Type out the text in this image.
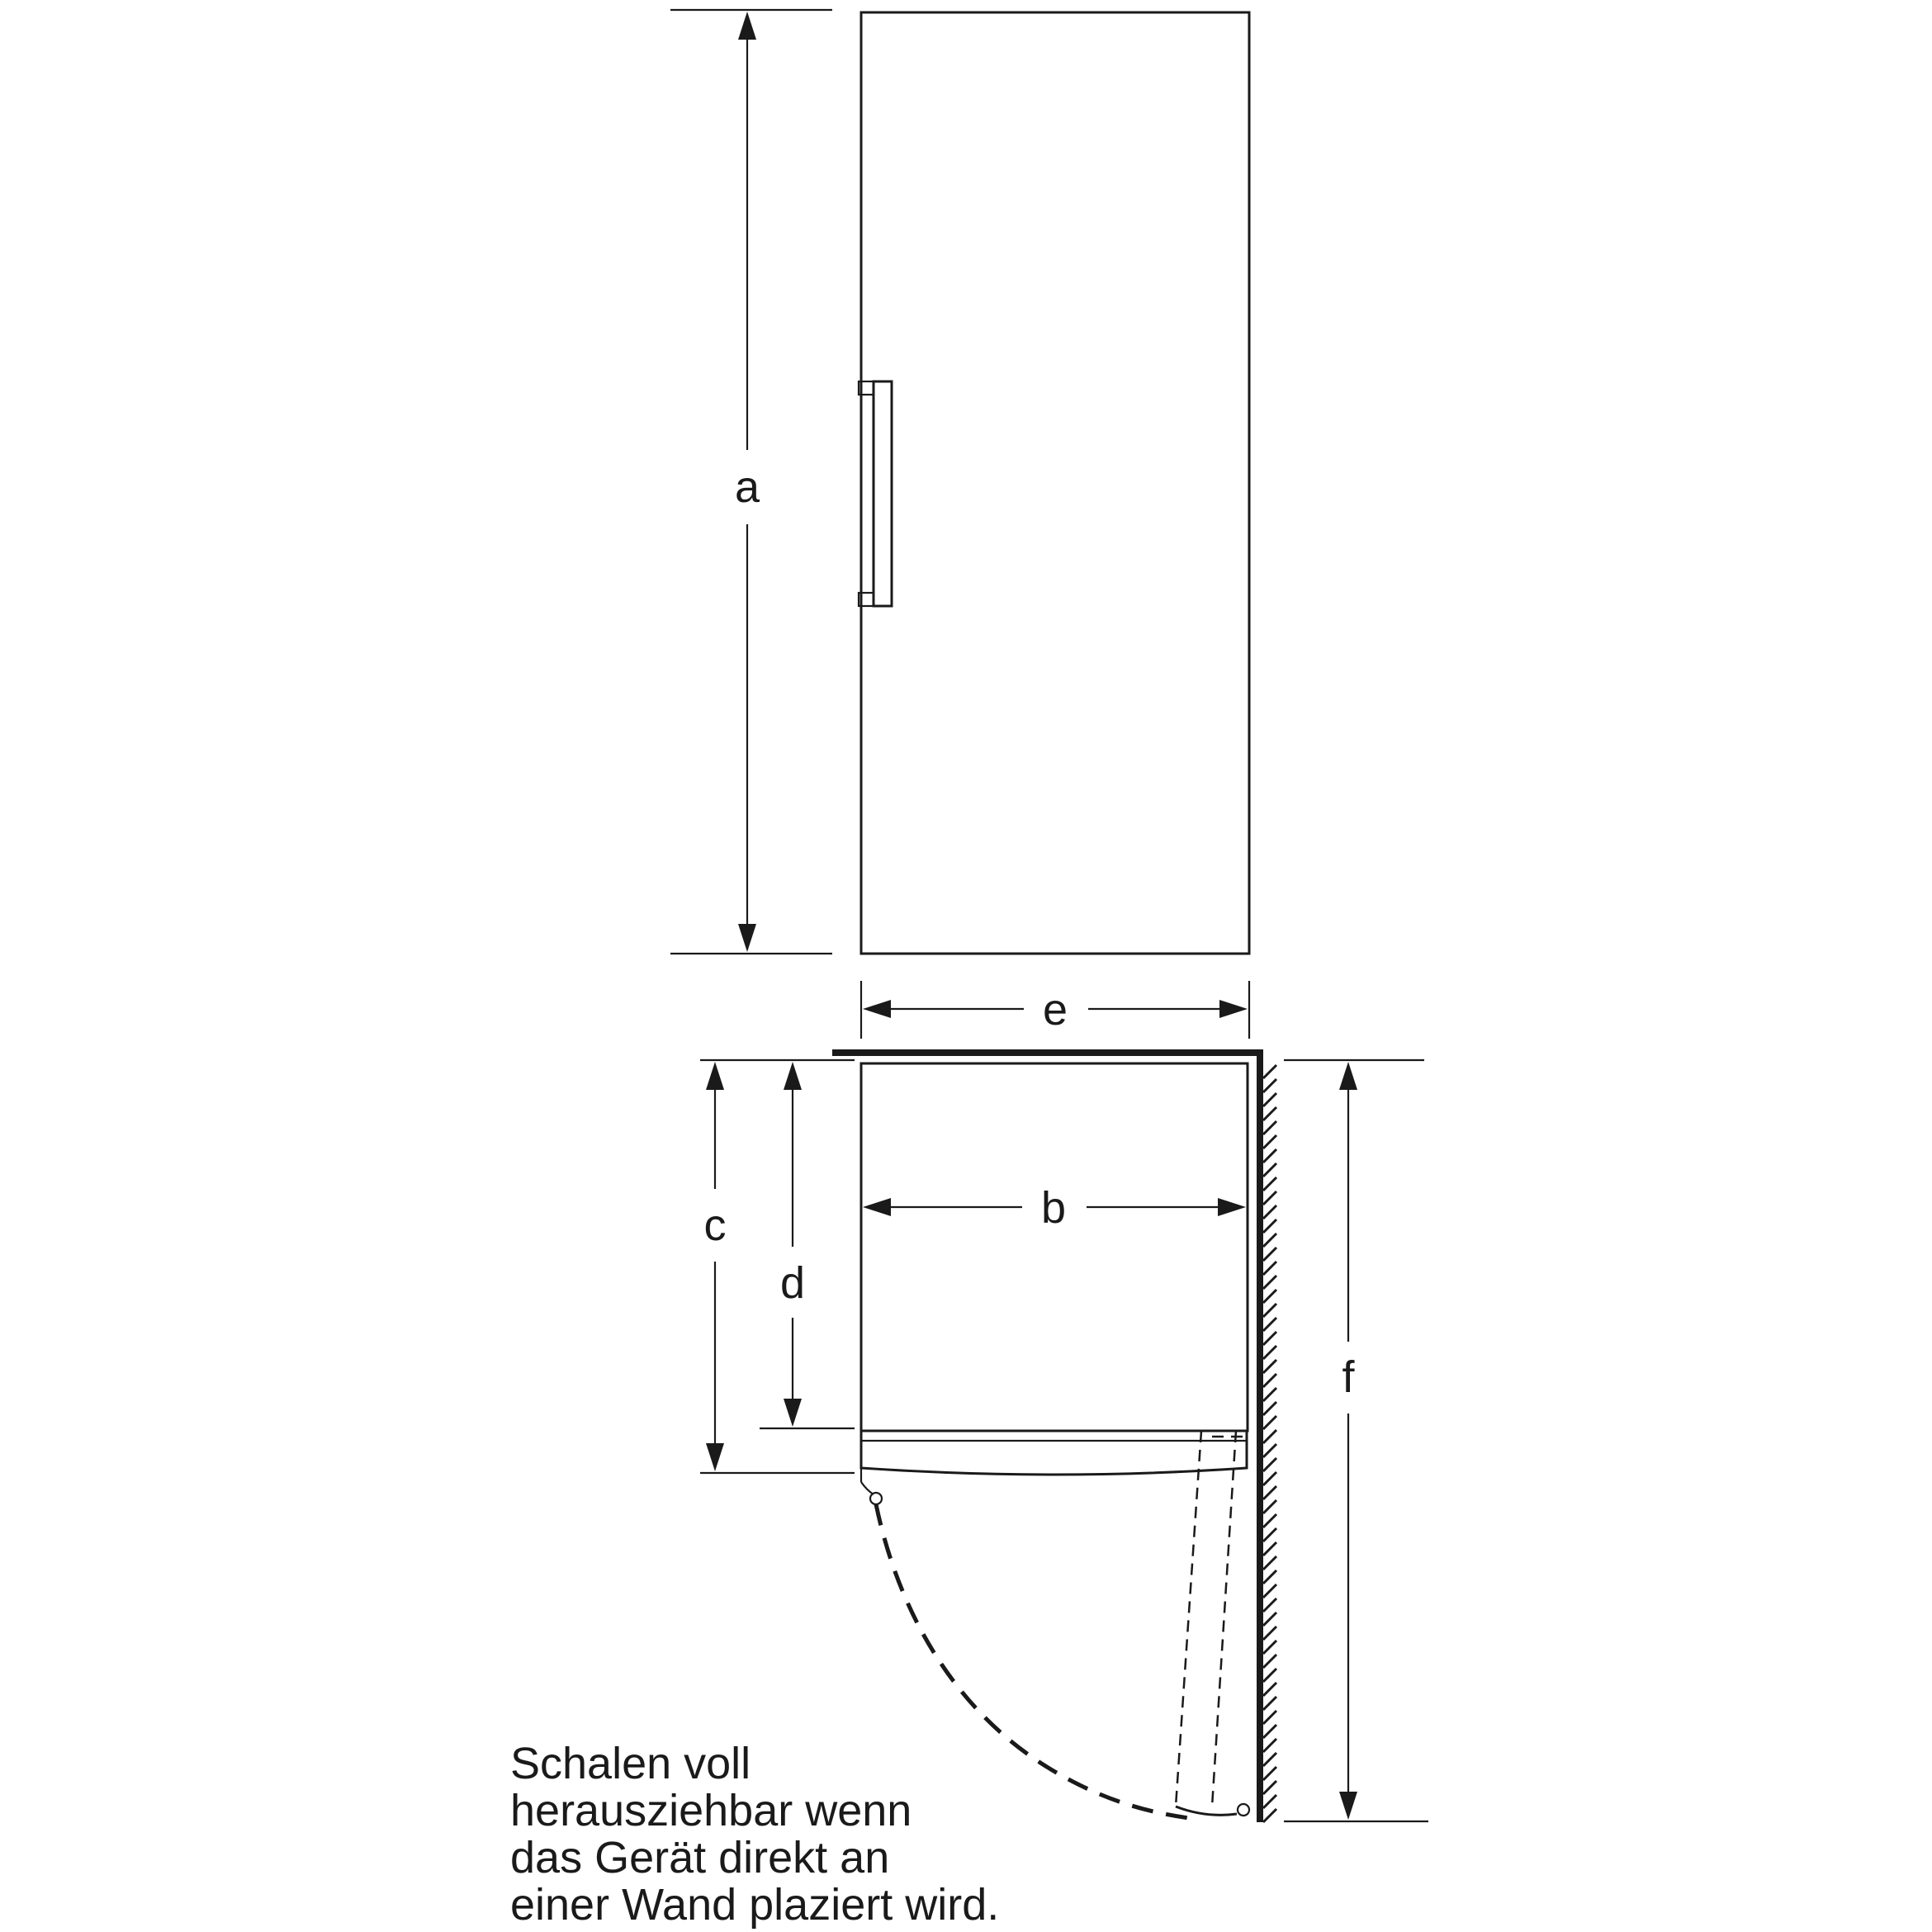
a
e
b
c
d
f
Schalen voll
herausziehbar wenn
das Gerät direkt an
einer Wand plaziert wird.
